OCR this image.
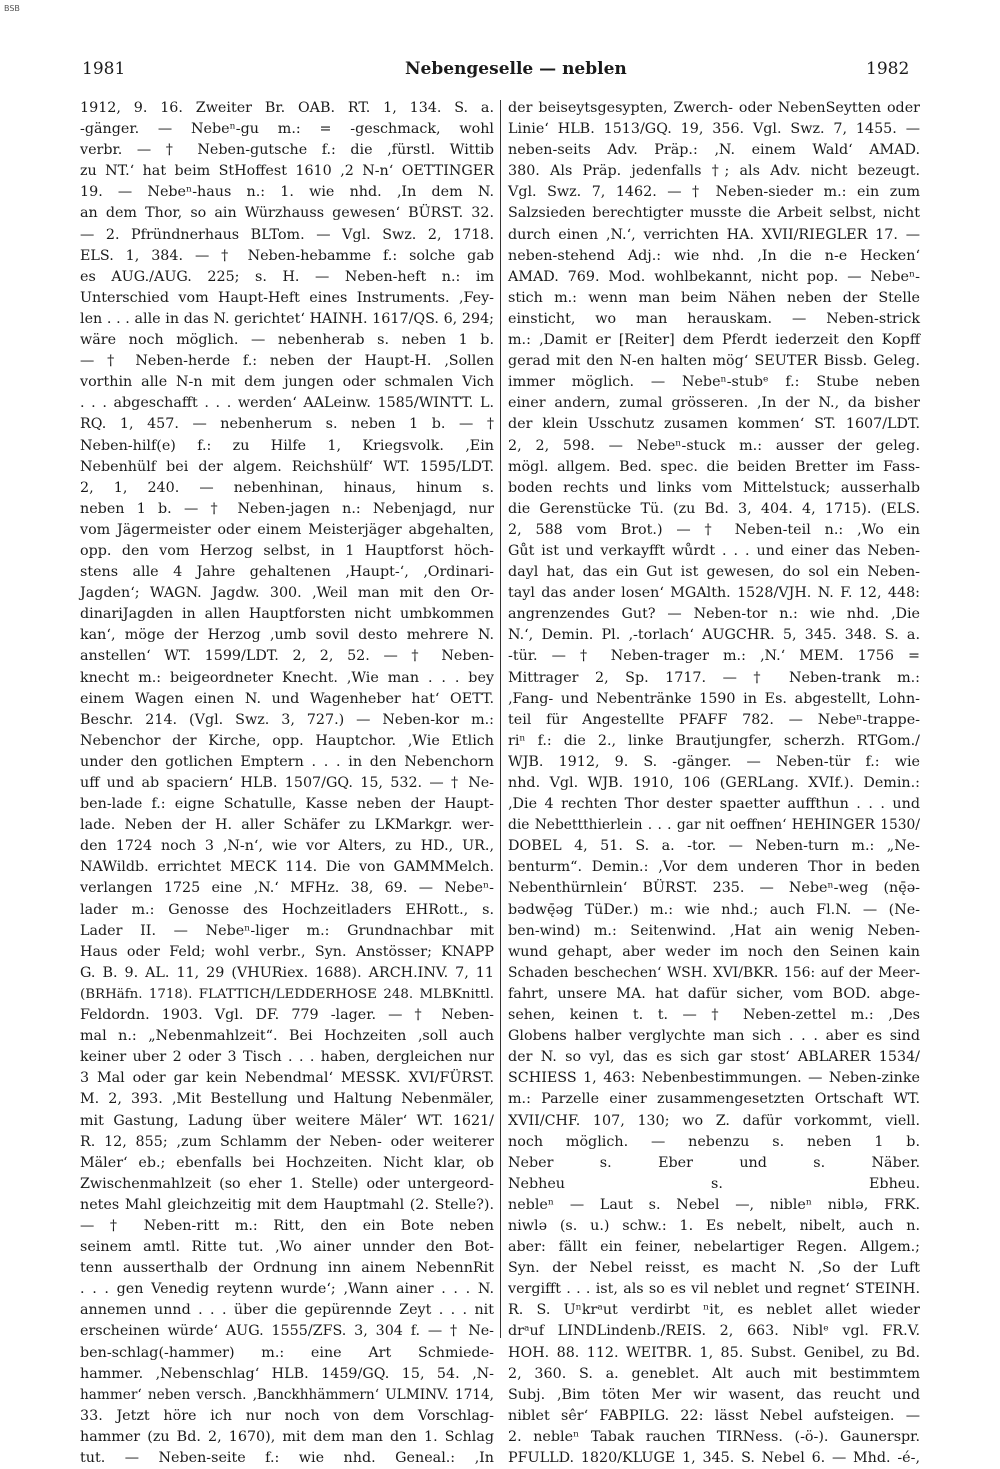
BSB
1981	Nebengeselle — neblen	1982

1912, 9. 16. Zweiter Br. OAB. RT. 1, 134. S. a.

-gänger. — Nebeⁿ-gu m.: = -geschmack, wohl

verbr. — † Neben-gutsche f.: die ‚fürstl. Wittib

zu NT.‘ hat beim StHoffest 1610 ‚2 N-n‘ OETTINGER

19. — Nebeⁿ-haus n.: 1. wie nhd. ‚In dem N.

an dem Thor, so ain Würzhauss gewesen‘ BÜRST. 32.

— 2. Pfründnerhaus BLTom. — Vgl. Swz. 2, 1718.

ELS. 1, 384. — † Neben-hebamme f.: solche gab

es AUG./AUG. 225; s. H. — Neben-heft n.: im

Unterschied vom Haupt-Heft eines Instruments. ‚Fey-

len . . . alle in das N. gerichtet‘ HAINH. 1617/QS. 6, 294;

wäre noch möglich. — nebenherab s. neben 1 b.

— † Neben-herde f.: neben der Haupt-H. ‚Sollen

vorthin alle N-n mit dem jungen oder schmalen Vich

. . . abgeschafft . . . werden‘ AALeinw. 1585/WINTT. L.

RQ. 1, 457. — nebenherum s. neben 1 b. — †

Neben-hilf(e) f.: zu Hilfe 1, Kriegsvolk. ‚Ein

Nebenhülf bei der algem. Reichshülf‘ WT. 1595/LDT.

2, 1, 240. — nebenhinan, hinaus, hinum s.

neben 1 b. — † Neben-jagen n.: Nebenjagd, nur

vom Jägermeister oder einem Meisterjäger abgehalten,

opp. den vom Herzog selbst, in 1 Hauptforst höch-

stens alle 4 Jahre gehaltenen ‚Haupt-‘, ‚Ordinari-

Jagden‘; WAGN. Jagdw. 300. ‚Weil man mit den Or-

dinariJagden in allen Hauptforsten nicht umbkommen

kan‘, möge der Herzog ‚umb sovil desto mehrere N.

anstellen‘ WT. 1599/LDT. 2, 2, 52. — † Neben-

knecht m.: beigeordneter Knecht. ‚Wie man . . . bey

einem Wagen einen N. und Wagenheber hat‘ OETT.

Beschr. 214. (Vgl. Swz. 3, 727.) — Neben-kor m.:

Nebenchor der Kirche, opp. Hauptchor. ‚Wie Etlich

under den gotlichen Emptern . . . in den Nebenchorn

uff und ab spaciern‘ HLB. 1507/GQ. 15, 532. — † Ne-

ben-lade f.: eigne Schatulle, Kasse neben der Haupt-

lade. Neben der H. aller Schäfer zu LKMarkgr. wer-

den 1724 noch 3 ‚N-n‘, wie vor Alters, zu HD., UR.,

NAWildb. errichtet MECK 114. Die von GAMMMelch.

verlangen 1725 eine ‚N.‘ MFHz. 38, 69. — Nebeⁿ-

lader m.: Genosse des Hochzeitladers EHRott., s.

Lader II. — Nebeⁿ-liger m.: Grundnachbar mit

Haus oder Feld; wohl verbr., Syn. Anstösser; KNAPP

G. B. 9. AL. 11, 29 (VHURiex. 1688). ARCH.INV. 7, 11

(BRHäfn. 1718). FLATTICH/LEDDERHOSE 248. MLBKnittl.

Feldordn. 1903. Vgl. DF. 779 -lager. — † Neben-

mal n.: „Nebenmahlzeit“. Bei Hochzeiten ‚soll auch

keiner uber 2 oder 3 Tisch . . . haben, dergleichen nur

3 Mal oder gar kein Nebendmal‘ MESSK. XVI/FÜRST.

M. 2, 393. ‚Mit Bestellung und Haltung Nebenmäler,

mit Gastung, Ladung über weitere Mäler‘ WT. 1621/

R. 12, 855; ‚zum Schlamm der Neben- oder weiterer

Mäler‘ eb.; ebenfalls bei Hochzeiten. Nicht klar, ob

Zwischenmahlzeit (so eher 1. Stelle) oder untergeord-

netes Mahl gleichzeitig mit dem Hauptmahl (2. Stelle?).

— † Neben-ritt m.: Ritt, den ein Bote neben

seinem amtl. Ritte tut. ‚Wo ainer unnder den Bot-

tenn ausserthalb der Ordnung inn ainem NebennRit

. . . gen Venedig reytenn wurde‘; ‚Wann ainer . . . N.

annemen unnd . . . über die gepürennde Zeyt . . . nit

erscheinen würde‘ AUG. 1555/ZFS. 3, 304 f. — † Ne-

ben-schlag(-hammer) m.: eine Art Schmiede-

hammer. ‚Nebenschlag‘ HLB. 1459/GQ. 15, 54. ‚N-

hammer‘ neben versch. ‚Banckhhämmern‘ ULMINV. 1714,

33. Jetzt höre ich nur noch von dem Vorschlag-

hammer (zu Bd. 2, 1670), mit dem man den 1. Schlag

tut. — Neben-seite f.: wie nhd. Geneal.: ‚In

der beiseytsgesypten, Zwerch- oder NebenSeytten oder

Linie‘ HLB. 1513/GQ. 19, 356. Vgl. Swz. 7, 1455. —

neben-seits Adv. Präp.: ‚N. einem Wald‘ AMAD.

380. Als Präp. jedenfalls †; als Adv. nicht bezeugt.

Vgl. Swz. 7, 1462. — † Neben-sieder m.: ein zum

Salzsieden berechtigter musste die Arbeit selbst, nicht

durch einen ‚N.‘, verrichten HA. XVII/RIEGLER 17. —

neben-stehend Adj.: wie nhd. ‚In die n-e Hecken‘

AMAD. 769. Mod. wohlbekannt, nicht pop. — Nebeⁿ-

stich m.: wenn man beim Nähen neben der Stelle

einsticht, wo man herauskam. — Neben-strick

m.: ‚Damit er [Reiter] dem Pferdt iederzeit den Kopff

gerad mit den N-en halten mög‘ SEUTER Bissb. Geleg.

immer möglich. — Nebeⁿ-stubᵉ f.: Stube neben

einer andern, zumal grösseren. ‚In der N., da bisher

der klein Usschutz zusamen kommen‘ ST. 1607/LDT.

2, 2, 598. — Nebeⁿ-stuck m.: ausser der geleg.

mögl. allgem. Bed. spec. die beiden Bretter im Fass-

boden rechts und links vom Mittelstuck; ausserhalb

die Gerenstücke Tü. (zu Bd. 3, 404. 4, 1715). (ELS.

2, 588 vom Brot.) — † Neben-teil n.: ‚Wo ein

Gůt ist und verkayfft wůrdt . . . und einer das Neben-

dayl hat, das ein Gut ist gewesen, do sol ein Neben-

tayl das ander losen‘ MGAlth. 1528/VJH. N. F. 12, 448:

angrenzendes Gut? — Neben-tor n.: wie nhd. ‚Die

N.‘, Demin. Pl. ‚-torlach‘ AUGCHR. 5, 345. 348. S. a.

-tür. — † Neben-trager m.: ‚N.‘ MEM. 1756 =

Mittrager 2, Sp. 1717. — † Neben-trank m.:

‚Fang- und Nebentränke 1590 in Es. abgestellt, Lohn-

teil für Angestellte PFAFF 782. — Nebeⁿ-trappe-

riⁿ f.: die 2., linke Brautjungfer, scherzh. RTGom./

WJB. 1912, 9. S. -gänger. — Neben-tür f.: wie

nhd. Vgl. WJB. 1910, 106 (GERLang. XVIf.). Demin.:

‚Die 4 rechten Thor dester spaetter auffthun . . . und

die Nebettthierlein . . . gar nit oeffnen‘ HEHINGER 1530/

DOBEL 4, 51. S. a. -tor. — Neben-turn m.: „Ne-

benturm“. Demin.: ‚Vor dem underen Thor in beden

Nebenthürnlein‘ BÜRST. 235. — Nebeⁿ-weg (nę̄ə-

bədwę̄əg TüDer.) m.: wie nhd.; auch Fl.N. — (Ne-

ben-wind) m.: Seitenwind. ‚Hat ain wenig Neben-

wund gehapt, aber weder im noch den Seinen kain

Schaden beschechen‘ WSH. XVI/BKR. 156: auf der Meer-

fahrt, unsere MA. hat dafür sicher, vom BOD. abge-

sehen, keinen t. t. — † Neben-zettel m.: ‚Des

Globens halber verglychte man sich . . . aber es sind

der N. so vyl, das es sich gar stost‘ ABLARER 1534/

SCHIESS 1, 463: Nebenbestimmungen. — Neben-zinke

m.: Parzelle einer zusammengesetzten Ortschaft WT.

XVII/CHF. 107, 130; wo Z. dafür vorkommt, viell.

noch möglich. — nebenzu s. neben 1 b.

Neber s. Eber und s. Näber.

Nebheu s. Ebheu.

nebleⁿ — Laut s. Nebel —, nibleⁿ niblə, FRK.

niwlə (s. u.) schw.: 1. Es nebelt, nibelt, auch n.

aber: fällt ein feiner, nebelartiger Regen. Allgem.;

Syn. der Nebel reisst, es macht N. ‚So der Luft

vergifft . . . ist, als so es vil neblet und regnet‘ STEINH.

R. S. Uⁿkrᵃut verdirbt ⁿit, es neblet allet wieder

drᵃuf LINDLindenb./REIS. 2, 663. Niblᵉ vgl. FR.V.

HOH. 88. 112. WEITBR. 1, 85. Subst. Genibel, zu Bd.

2, 360. S. a. geneblet. Alt auch mit bestimmtem

Subj. ‚Bim töten Mer wir wasent, das reucht und

niblet sêr‘ FABPILG. 22: lässt Nebel aufsteigen. —

2. nebleⁿ Tabak rauchen TIRNess. (-ö-). Gaunerspr.

PFULLD. 1820/KLUGE 1, 345. S. Nebel 6. — Mhd. -é-,
